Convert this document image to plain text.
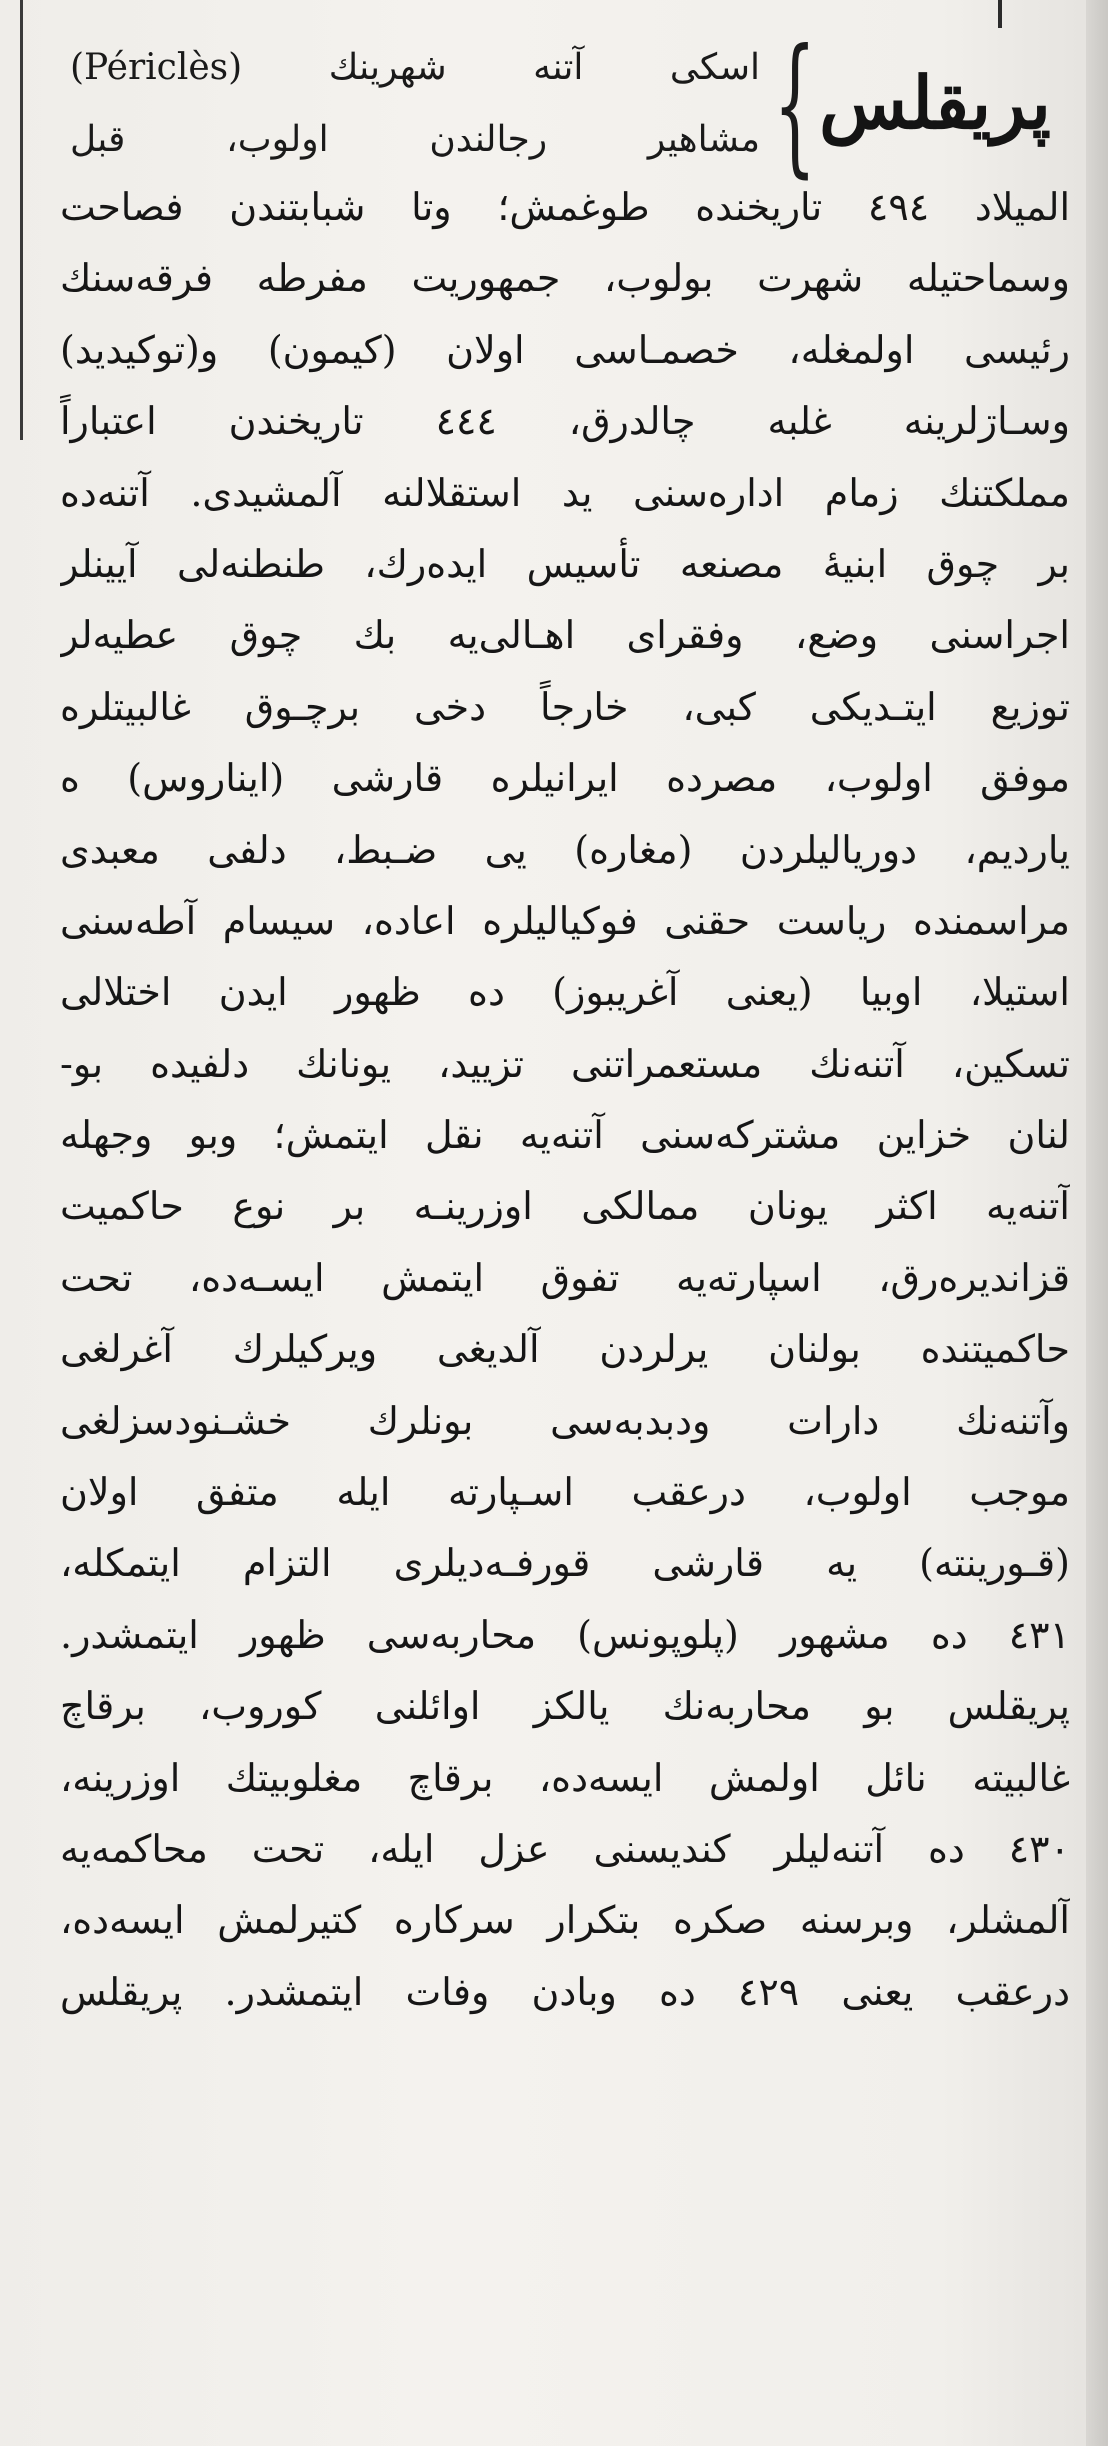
پریقلس
{
اسکی آتنه شهرینك (Périclès)
مشاهیر رجالندن اولوب، قبل‌
المیلاد ٤٩٤ تاریخنده طوغمش؛ وتا شبابتندن فصاحت
وسماحتیله شهرت بولوب، جمهوریت مفرطه فرقه‌سنك
رئیسی اولمغله، خصمـاسی اولان (کیمون) و(توکیدید)
وسـاڗلرینه غلبه چالدرق، ٤٤٤ تاریخندن اعتباراً
مملکتنك زمام اداره‌سنی ید استقلالنه آلمشیدی. آتنه‌ده
بر چوق ابنیهٔ مصنعه تأسیس ایده‌رك، طنطنه‌لی آیینلر
اجراسنی وضع، وفقرای اهـالی‌یه بك چوق عطیه‌لر
توزیع ایتـدیکی کبی، خارجاً دخی برچـوق غالبیتلره
موفق اولوب، مصرده ایرانیلره قارشی (ایناروس) ه
یاردیم، دوریالیلردن (مغاره) یی ضـبط، دلفی معبدی
مراسمنده ریاست حقنی فوکیالیلره اعاده، سیسام آطه‌سنی
استیلا، اوبیا (یعنی آغریبوز) ده ظهور ایدن اختلالی
تسکین، آتنه‌نك مستعمراتنی تزیید، یونانك دلفیده بو-
لنان خزاین مشترکه‌سنی آتنه‌یه نقل ایتمش؛ وبو وجهله
آتنه‌یه اکثر یونان ممالکی اوزرینـه بر نوع حاکمیت
قزاندیره‌رق، اسپارته‌یه تفوق ایتمش ایسـه‌ده، تحت
حاکمیتنده بولنان یرلردن آلدیغی ویرکیلرك آغرلغی
وآتنه‌نك دارات ودبدبه‌سی بونلرك خشـنودسزلغی
موجب اولوب، درعقب اسـپارته ایله متفق اولان
(قـورینته) یه قارشی قورفـه‌دیلری التزام ایتمکله،
٤٣١ ده مشهور (پلوپونس) محاربه‌سی ظهور ایتمشدر.
پریقلس بو محاربه‌نك یالکز اوائلنی کوروب، برقاچ
غالبیته نائل اولمش ایسه‌ده، برقاچ مغلوبیتك اوزرینه،
٤٣٠ ده آتنه‌لیلر کندیسنی عزل ایله، تحت محاکمه‌یه
آلمشلر، وبرسنه صکره بتکرار سرکاره کتیرلمش ایسه‌ده،
درعقب یعنی ٤٢٩ ده وبادن وفات ایتمشدر. پریقلس
